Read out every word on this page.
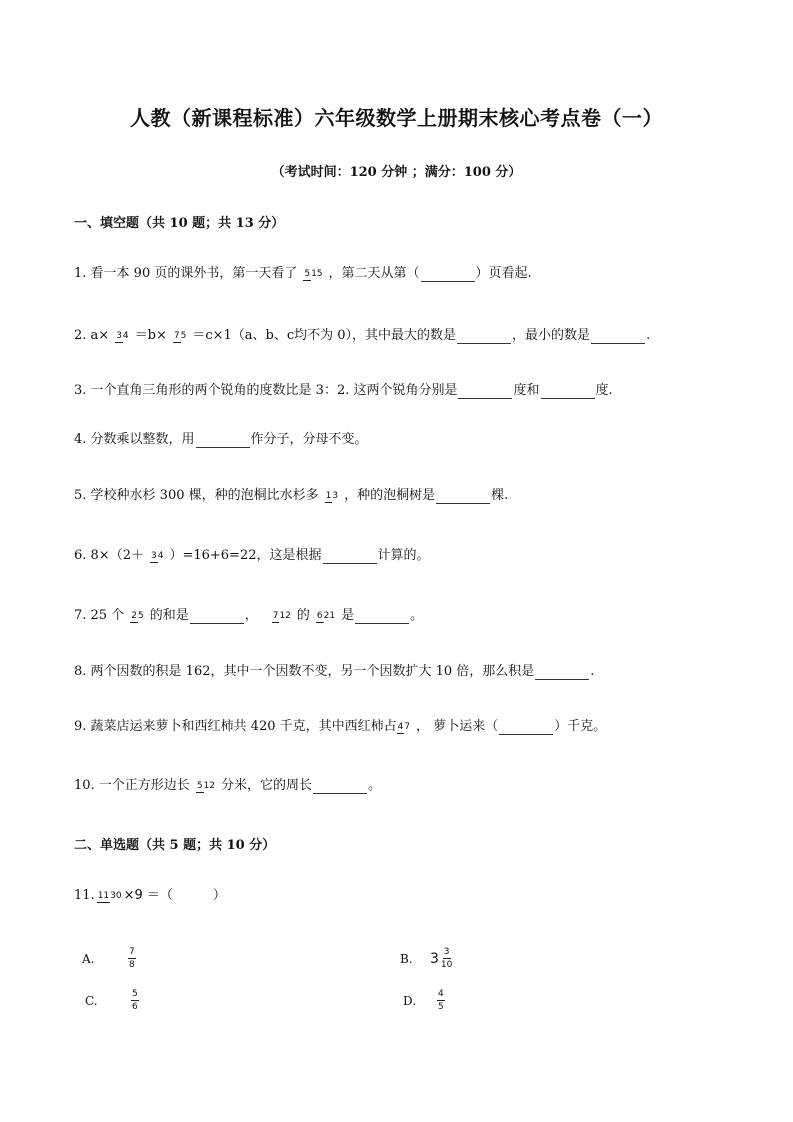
人教（新课程标准）六年级数学上册期末核心考点卷（一）
（考试时间：120 分钟 ；满分：100 分）
一、填空题（共 10 题；共 13 分）
1. 看一本 90 页的课外书，第一天看了 515 ，第二天从第（	）页看起.
2. a× 34 ＝b× 75 ＝c×1（a、b、c均不为 0），其中最大的数是	，最小的数是	.
3. 一个直角三角形的两个锐角的度数比是 3：2. 这两个锐角分别是	度和	度.
4. 分数乘以整数，用	作分子，分母不变。
5. 学校种水杉 300 棵，种的泡桐比水杉多 13 ，种的泡桐树是	棵.
6. 8×（2＋ 34 ）=16+6=22，这是根据	计算的。
7. 25 个 25 的和是	， 712 的 621 是	。
8. 两个因数的积是 162，其中一个因数不变，另一个因数扩大 10 倍，那么积是	.
9. 蔬菜店运来萝卜和西红柿共 420 千克，其中西红柿占 47 ， 萝卜运来（	）千克。
10. 一个正方形边长 512 分米，它的周长	。
二、单选题（共 5 题；共 10 分）
11. 1130 ×9 ＝（	）
A.	$\frac{7}{8}$	B.	$3 \frac{3}{10}$
C.	$\frac{5}{6}$	D.	$\frac{4}{5}$
